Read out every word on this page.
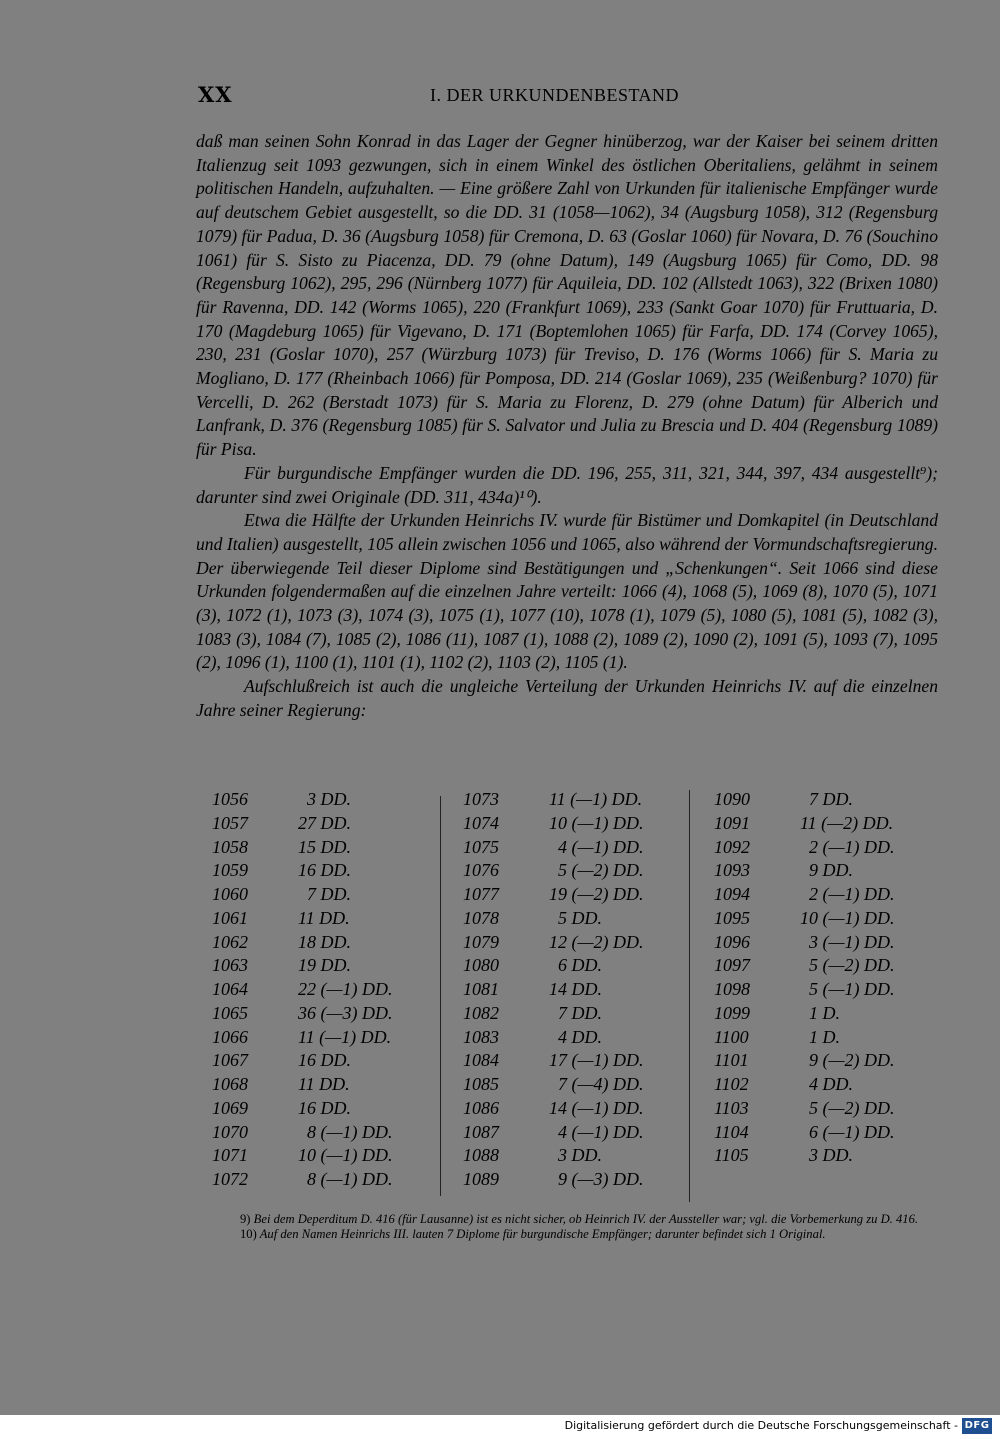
XX	I. DER URKUNDENBESTAND

daß man seinen Sohn Konrad in das Lager der Gegner hinüberzog, war der Kaiser bei seinem dritten Italienzug seit 1093 gezwungen, sich in einem Winkel des östlichen Oberitaliens, gelähmt in seinem politischen Handeln, aufzuhalten. — Eine größere Zahl von Urkunden für italienische Empfänger wurde auf deutschem Gebiet ausgestellt, so die DD. 31 (1058—1062), 34 (Augsburg 1058), 312 (Regensburg 1079) für Padua, D. 36 (Augsburg 1058) für Cremona, D. 63 (Goslar 1060) für Novara, D. 76 (Souchino 1061) für S. Sisto zu Piacenza, DD. 79 (ohne Datum), 149 (Augsburg 1065) für Como, DD. 98 (Regensburg 1062), 295, 296 (Nürnberg 1077) für Aquileia, DD. 102 (Allstedt 1063), 322 (Brixen 1080) für Ravenna, DD. 142 (Worms 1065), 220 (Frankfurt 1069), 233 (Sankt Goar 1070) für Fruttuaria, D. 170 (Magdeburg 1065) für Vigevano, D. 171 (Boptemlohen 1065) für Farfa, DD. 174 (Corvey 1065), 230, 231 (Goslar 1070), 257 (Würzburg 1073) für Treviso, D. 176 (Worms 1066) für S. Maria zu Mogliano, D. 177 (Rheinbach 1066) für Pomposa, DD. 214 (Goslar 1069), 235 (Weißenburg? 1070) für Vercelli, D. 262 (Berstadt 1073) für S. Maria zu Florenz, D. 279 (ohne Datum) für Alberich und Lanfrank, D. 376 (Regensburg 1085) für S. Salvator und Julia zu Brescia und D. 404 (Regensburg 1089) für Pisa.

Für burgundische Empfänger wurden die DD. 196, 255, 311, 321, 344, 397, 434 ausgestellt⁹); darunter sind zwei Originale (DD. 311, 434a)¹⁰).

Etwa die Hälfte der Urkunden Heinrichs IV. wurde für Bistümer und Domkapitel (in Deutschland und Italien) ausgestellt, 105 allein zwischen 1056 und 1065, also während der Vormundschaftsregierung. Der überwiegende Teil dieser Diplome sind Bestätigungen und „Schenkungen“. Seit 1066 sind diese Urkunden folgendermaßen auf die einzelnen Jahre verteilt: 1066 (4), 1068 (5), 1069 (8), 1070 (5), 1071 (3), 1072 (1), 1073 (3), 1074 (3), 1075 (1), 1077 (10), 1078 (1), 1079 (5), 1080 (5), 1081 (5), 1082 (3), 1083 (3), 1084 (7), 1085 (2), 1086 (11), 1087 (1), 1088 (2), 1089 (2), 1090 (2), 1091 (5), 1093 (7), 1095 (2), 1096 (1), 1100 (1), 1101 (1), 1102 (2), 1103 (2), 1105 (1).

Aufschlußreich ist auch die ungleiche Verteilung der Urkunden Heinrichs IV. auf die einzelnen Jahre seiner Regierung:

1056	3 DD.
1057	27 DD.
1058	15 DD.
1059	16 DD.
1060	7 DD.
1061	11 DD.
1062	18 DD.
1063	19 DD.
1064	22 (—1) DD.
1065	36 (—3) DD.
1066	11 (—1) DD.
1067	16 DD.
1068	11 DD.
1069	16 DD.
1070	8 (—1) DD.
1071	10 (—1) DD.
1072	8 (—1) DD.
1073	11 (—1) DD.
1074	10 (—1) DD.
1075	4 (—1) DD.
1076	5 (—2) DD.
1077	19 (—2) DD.
1078	5 DD.
1079	12 (—2) DD.
1080	6 DD.
1081	14 DD.
1082	7 DD.
1083	4 DD.
1084	17 (—1) DD.
1085	7 (—4) DD.
1086	14 (—1) DD.
1087	4 (—1) DD.
1088	3 DD.
1089	9 (—3) DD.
1090	7 DD.
1091	11 (—2) DD.
1092	2 (—1) DD.
1093	9 DD.
1094	2 (—1) DD.
1095	10 (—1) DD.
1096	3 (—1) DD.
1097	5 (—2) DD.
1098	5 (—1) DD.
1099	1 D.
1100	1 D.
1101	9 (—2) DD.
1102	4 DD.
1103	5 (—2) DD.
1104	6 (—1) DD.
1105	3 DD.

9) Bei dem Deperditum D. 416 (für Lausanne) ist es nicht sicher, ob Heinrich IV. der Aussteller war; vgl. die Vorbemerkung zu D. 416.

10) Auf den Namen Heinrichs III. lauten 7 Diplome für burgundische Empfänger; darunter befindet sich 1 Original.

Digitalisierung gefördert durch die Deutsche Forschungsgemeinschaft - DFG
